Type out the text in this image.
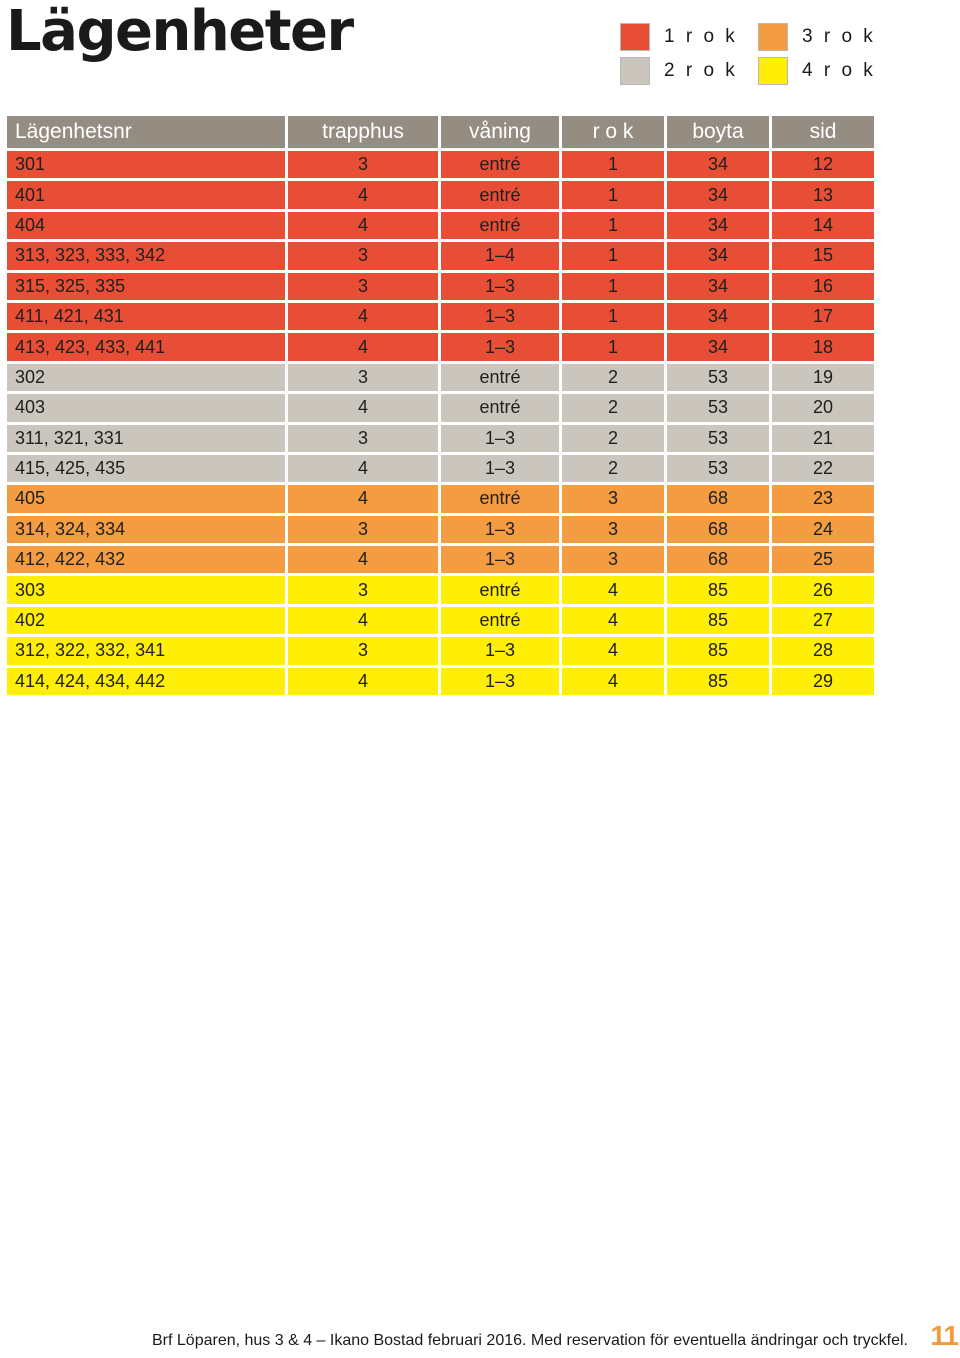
Lägenheter	1 r o k
2 r o k
3 r o k
4 r o k
Lägenhetsnr	trapphus	våning	r o k	boyta	sid
301	3	entré	1	34	12
401	4	entré	1	34	13
404	4	entré	1	34	14
313, 323, 333, 342	3	1–4	1	34	15
315, 325, 335	3	1–3	1	34	16
411, 421, 431	4	1–3	1	34	17
413, 423, 433, 441	4	1–3	1	34	18
302	3	entré	2	53	19
403	4	entré	2	53	20
311, 321, 331	3	1–3	2	53	21
415, 425, 435	4	1–3	2	53	22
405	4	entré	3	68	23
314, 324, 334	3	1–3	3	68	24
412, 422, 432	4	1–3	3	68	25
303	3	entré	4	85	26
402	4	entré	4	85	27
312, 322, 332, 341	3	1–3	4	85	28
414, 424, 434, 442	4	1–3	4	85	29
Brf Löparen, hus 3 & 4 – Ikano Bostad februari 2016. Med reservation för eventuella ändringar och tryckfel. 11
